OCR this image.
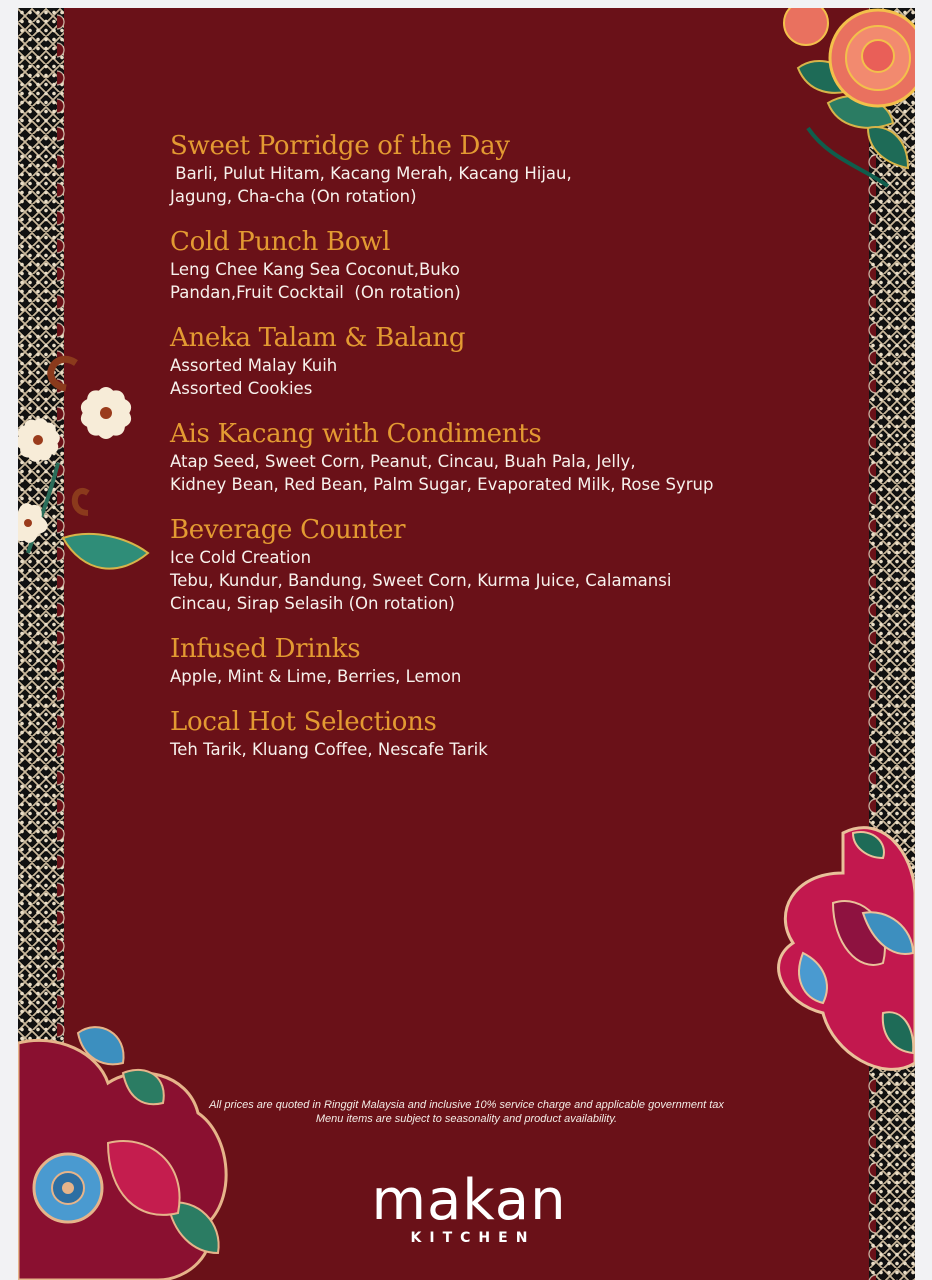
Sweet Porridge of the Day
Barli, Pulut Hitam, Kacang Merah, Kacang Hijau,
Jagung, Cha-cha (On rotation)
Cold Punch Bowl
Leng Chee Kang Sea Coconut,Buko
Pandan,Fruit Cocktail  (On rotation)
Aneka Talam & Balang
Assorted Malay Kuih
Assorted Cookies
Ais Kacang with Condiments
Atap Seed, Sweet Corn, Peanut, Cincau, Buah Pala, Jelly,
Kidney Bean, Red Bean, Palm Sugar, Evaporated Milk, Rose Syrup
Beverage Counter
Ice Cold Creation
Tebu, Kundur, Bandung, Sweet Corn, Kurma Juice, Calamansi
Cincau, Sirap Selasih (On rotation)
Infused Drinks
Apple, Mint & Lime, Berries, Lemon
Local Hot Selections
Teh Tarik, Kluang Coffee, Nescafe Tarik
All prices are quoted in Ringgit Malaysia and inclusive 10% service charge and applicable government tax
Menu items are subject to seasonality and product availability.
makan
KITCHEN
